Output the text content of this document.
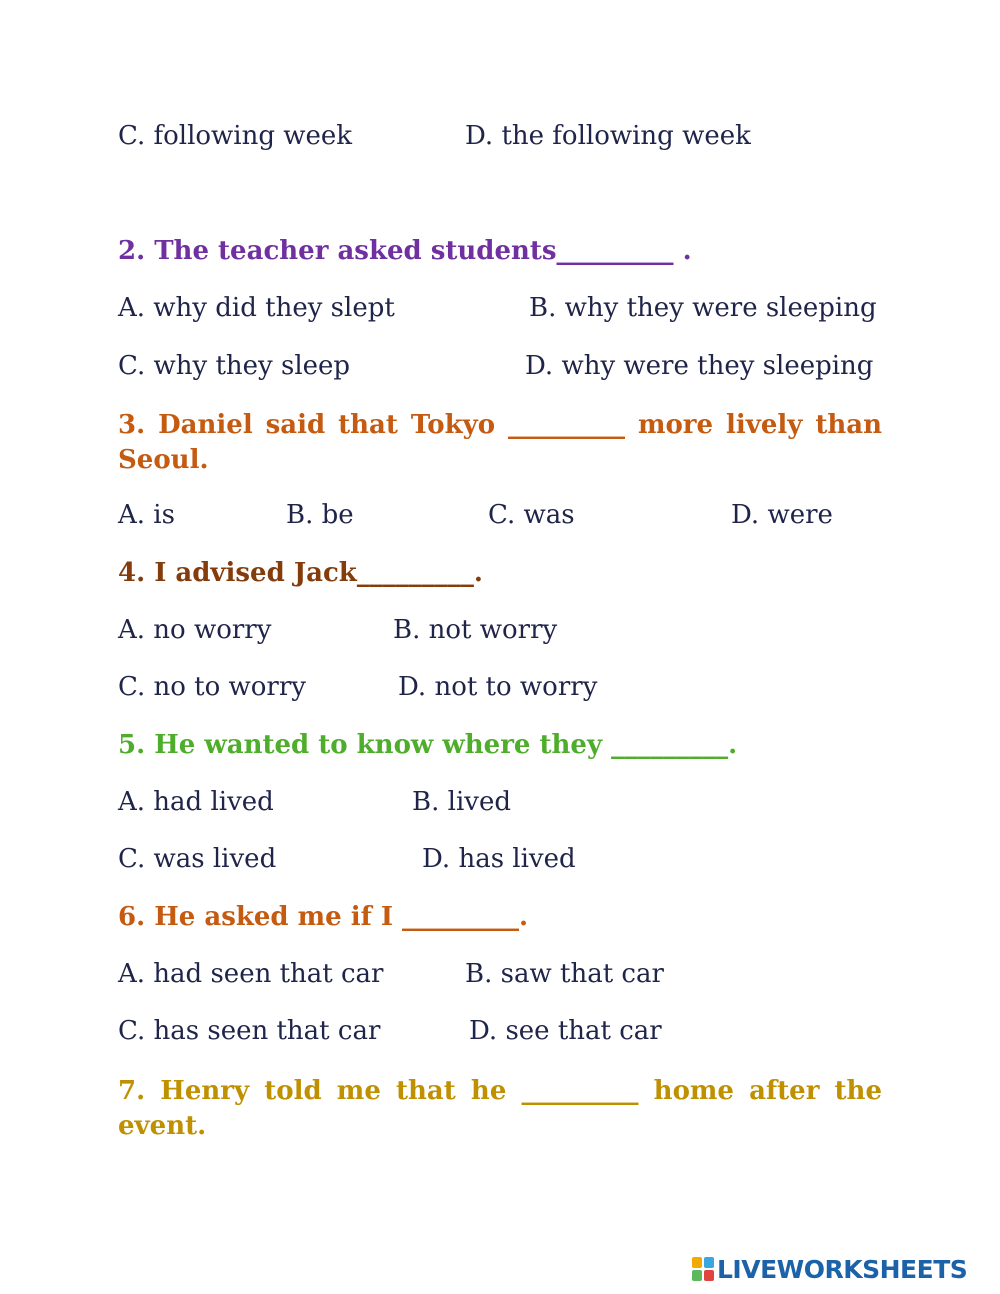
C. following week	D. the following week
2. The teacher asked students_________ .
A. why did they slept	B. why they were sleeping
C. why they sleep	D. why were they sleeping
3. Daniel said that Tokyo _________ more lively than Seoul.
A. is	B. be	C. was	D. were
4. I advised Jack_________.
A. no worry	B. not worry
C. no to worry	D. not to worry
5. He wanted to know where they _________.
A. had lived	B. lived
C. was lived	D. has lived
6. He asked me if I _________.
A. had seen that car	B. saw that car
C. has seen that car	D. see that car
7. Henry told me that he _________ home after the event.
LIVEWORKSHEETS
